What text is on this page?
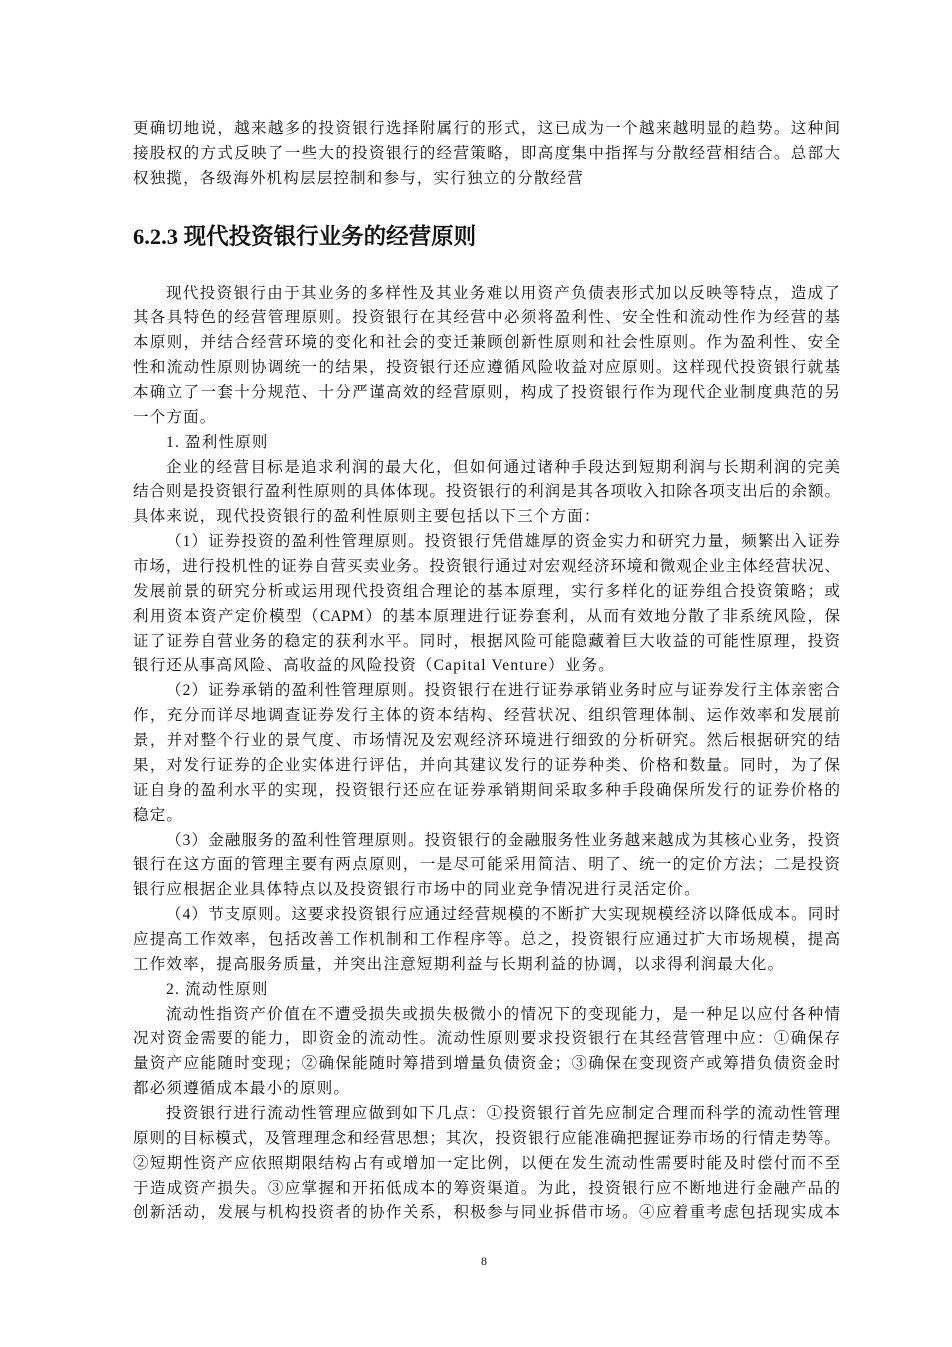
更确切地说，越来越多的投资银行选择附属行的形式，这已成为一个越来越明显的趋势。这种间
接股权的方式反映了一些大的投资银行的经营策略，即高度集中指挥与分散经营相结合。总部大
权独揽，各级海外机构层层控制和参与，实行独立的分散经营
6.2.3 现代投资银行业务的经营原则
现代投资银行由于其业务的多样性及其业务难以用资产负债表形式加以反映等特点，造成了
其各具特色的经营管理原则。投资银行在其经营中必须将盈利性、安全性和流动性作为经营的基
本原则，并结合经营环境的变化和社会的变迁兼顾创新性原则和社会性原则。作为盈利性、安全
性和流动性原则协调统一的结果，投资银行还应遵循风险收益对应原则。这样现代投资银行就基
本确立了一套十分规范、十分严谨高效的经营原则，构成了投资银行作为现代企业制度典范的另
一个方面。
1. 盈利性原则
企业的经营目标是追求利润的最大化，但如何通过诸种手段达到短期利润与长期利润的完美
结合则是投资银行盈利性原则的具体体现。投资银行的利润是其各项收入扣除各项支出后的余额。
具体来说，现代投资银行的盈利性原则主要包括以下三个方面：
（1）证券投资的盈利性管理原则。投资银行凭借雄厚的资金实力和研究力量，频繁出入证券
市场，进行投机性的证券自营买卖业务。投资银行通过对宏观经济环境和微观企业主体经营状况、
发展前景的研究分析或运用现代投资组合理论的基本原理，实行多样化的证券组合投资策略；或
利用资本资产定价模型（CAPM）的基本原理进行证券套利，从而有效地分散了非系统风险，保
证了证券自营业务的稳定的获利水平。同时，根据风险可能隐藏着巨大收益的可能性原理，投资
银行还从事高风险、高收益的风险投资（Capital Venture）业务。
（2）证券承销的盈利性管理原则。投资银行在进行证券承销业务时应与证券发行主体亲密合
作，充分而详尽地调查证券发行主体的资本结构、经营状况、组织管理体制、运作效率和发展前
景，并对整个行业的景气度、市场情况及宏观经济环境进行细致的分析研究。然后根据研究的结
果，对发行证券的企业实体进行评估，并向其建议发行的证券种类、价格和数量。同时，为了保
证自身的盈利水平的实现，投资银行还应在证券承销期间采取多种手段确保所发行的证券价格的
稳定。
（3）金融服务的盈利性管理原则。投资银行的金融服务性业务越来越成为其核心业务，投资
银行在这方面的管理主要有两点原则，一是尽可能采用简洁、明了、统一的定价方法；二是投资
银行应根据企业具体特点以及投资银行市场中的同业竞争情况进行灵活定价。
（4）节支原则。这要求投资银行应通过经营规模的不断扩大实现规模经济以降低成本。同时
应提高工作效率，包括改善工作机制和工作程序等。总之，投资银行应通过扩大市场规模，提高
工作效率，提高服务质量，并突出注意短期利益与长期利益的协调，以求得利润最大化。
2. 流动性原则
流动性指资产价值在不遭受损失或损失极微小的情况下的变现能力，是一种足以应付各种情
况对资金需要的能力，即资金的流动性。流动性原则要求投资银行在其经营管理中应：①确保存
量资产应能随时变现；②确保能随时筹措到增量负债资金；③确保在变现资产或筹措负债资金时
都必须遵循成本最小的原则。
投资银行进行流动性管理应做到如下几点：①投资银行首先应制定合理而科学的流动性管理
原则的目标模式，及管理理念和经营思想；其次，投资银行应能准确把握证券市场的行情走势等。
②短期性资产应依照期限结构占有或增加一定比例，以便在发生流动性需要时能及时偿付而不至
于造成资产损失。③应掌握和开拓低成本的筹资渠道。为此，投资银行应不断地进行金融产品的
创新活动，发展与机构投资者的协作关系，积极参与同业拆借市场。④应着重考虑包括现实成本
8
